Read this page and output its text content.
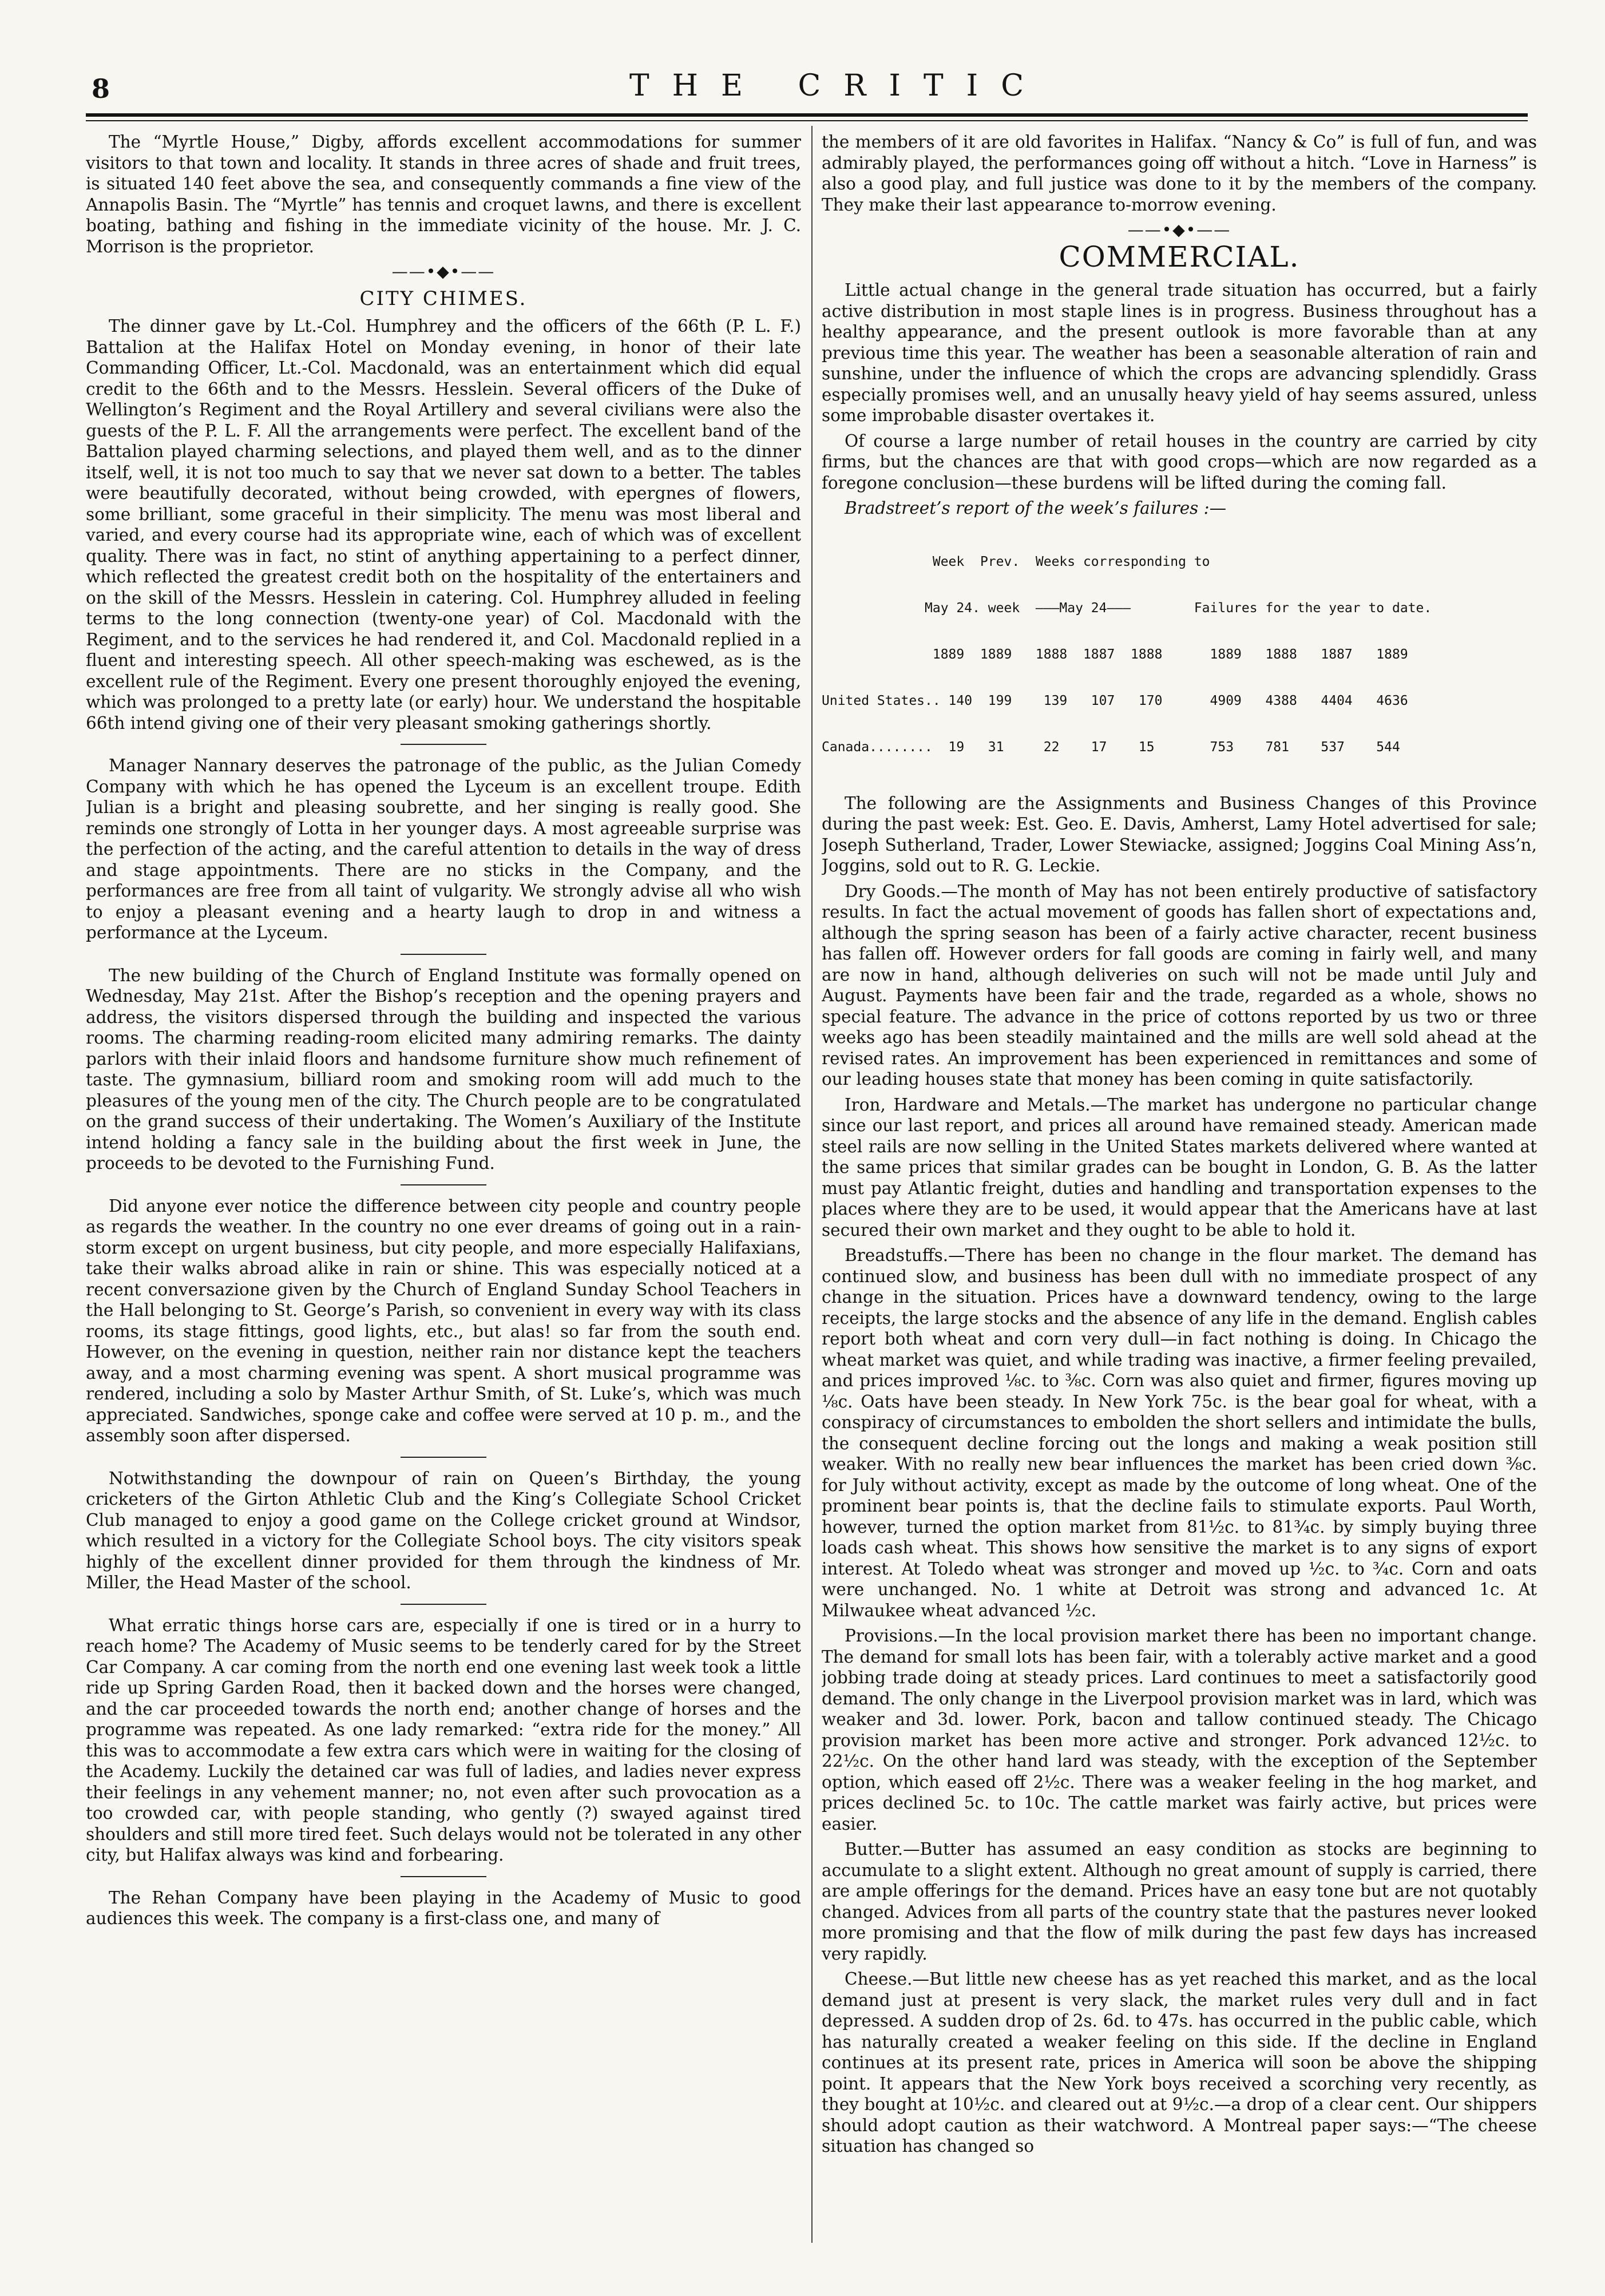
8	THE CRITIC

The “Myrtle House,” Digby, affords excellent accommodations for summer visitors to that town and locality. It stands in three acres of shade and fruit trees, is situated 140 feet above the sea, and consequently commands a fine view of the Annapolis Basin. The “Myrtle” has tennis and croquet lawns, and there is excellent boating, bathing and fishing in the immediate vicinity of the house. Mr. J. C. Morrison is the proprietor.

——•◆•——
CITY CHIMES.

The dinner gave by Lt.-Col. Humphrey and the officers of the 66th (P. L. F.) Battalion at the Halifax Hotel on Monday evening, in honor of their late Commanding Officer, Lt.-Col. Macdonald, was an entertainment which did equal credit to the 66th and to the Messrs. Hesslein. Several officers of the Duke of Wellington’s Regiment and the Royal Artillery and several civilians were also the guests of the P. L. F. All the arrangements were perfect. The excellent band of the Battalion played charming selections, and played them well, and as to the dinner itself, well, it is not too much to say that we never sat down to a better. The tables were beautifully decorated, without being crowded, with epergnes of flowers, some brilliant, some graceful in their simplicity. The menu was most liberal and varied, and every course had its appropriate wine, each of which was of excellent quality. There was in fact, no stint of anything appertaining to a perfect dinner, which reflected the greatest credit both on the hospitality of the entertainers and on the skill of the Messrs. Hesslein in catering. Col. Humphrey alluded in feeling terms to the long connection (twenty-one year) of Col. Macdonald with the Regiment, and to the services he had rendered it, and Col. Macdonald replied in a fluent and interesting speech. All other speech-making was eschewed, as is the excellent rule of the Regiment. Every one present thoroughly enjoyed the evening, which was prolonged to a pretty late (or early) hour. We understand the hospitable 66th intend giving one of their very pleasant smoking gatherings shortly.

Manager Nannary deserves the patronage of the public, as the Julian Comedy Company with which he has opened the Lyceum is an excellent troupe. Edith Julian is a bright and pleasing soubrette, and her singing is really good. She reminds one strongly of Lotta in her younger days. A most agreeable surprise was the perfection of the acting, and the careful attention to details in the way of dress and stage appointments. There are no sticks in the Company, and the performances are free from all taint of vulgarity. We strongly advise all who wish to enjoy a pleasant evening and a hearty laugh to drop in and witness a performance at the Lyceum.

The new building of the Church of England Institute was formally opened on Wednesday, May 21st. After the Bishop’s reception and the opening prayers and address, the visitors dispersed through the building and inspected the various rooms. The charming reading-room elicited many admiring remarks. The dainty parlors with their inlaid floors and handsome furniture show much refinement of taste. The gymnasium, billiard room and smoking room will add much to the pleasures of the young men of the city. The Church people are to be congratulated on the grand success of their undertaking. The Women’s Auxiliary of the Institute intend holding a fancy sale in the building about the first week in June, the proceeds to be devoted to the Furnishing Fund.

Did anyone ever notice the difference between city people and country people as regards the weather. In the country no one ever dreams of going out in a rain-storm except on urgent business, but city people, and more especially Halifaxians, take their walks abroad alike in rain or shine. This was especially noticed at a recent conversazione given by the Church of England Sunday School Teachers in the Hall belonging to St. George’s Parish, so convenient in every way with its class rooms, its stage fittings, good lights, etc., but alas! so far from the south end. However, on the evening in question, neither rain nor distance kept the teachers away, and a most charming evening was spent. A short musical programme was rendered, including a solo by Master Arthur Smith, of St. Luke’s, which was much appreciated. Sandwiches, sponge cake and coffee were served at 10 p. m., and the assembly soon after dispersed.

Notwithstanding the downpour of rain on Queen’s Birthday, the young cricketers of the Girton Athletic Club and the King’s Collegiate School Cricket Club managed to enjoy a good game on the College cricket ground at Windsor, which resulted in a victory for the Collegiate School boys. The city visitors speak highly of the excellent dinner provided for them through the kindness of Mr. Miller, the Head Master of the school.

What erratic things horse cars are, especially if one is tired or in a hurry to reach home? The Academy of Music seems to be tenderly cared for by the Street Car Company. A car coming from the north end one evening last week took a little ride up Spring Garden Road, then it backed down and the horses were changed, and the car proceeded towards the north end; another change of horses and the programme was repeated. As one lady remarked: “extra ride for the money.” All this was to accommodate a few extra cars which were in waiting for the closing of the Academy. Luckily the detained car was full of ladies, and ladies never express their feelings in any vehement manner; no, not even after such provocation as a too crowded car, with people standing, who gently (?) swayed against tired shoulders and still more tired feet. Such delays would not be tolerated in any other city, but Halifax always was kind and forbearing.

The Rehan Company have been playing in the Academy of Music to good audiences this week. The company is a first-class one, and many of

the members of it are old favorites in Halifax. “Nancy & Co” is full of fun, and was admirably played, the performances going off without a hitch. “Love in Harness” is also a good play, and full justice was done to it by the members of the company. They make their last appearance to-morrow evening.

——•◆•——
COMMERCIAL.

Little actual change in the general trade situation has occurred, but a fairly active distribution in most staple lines is in progress. Business throughout has a healthy appearance, and the present outlook is more favorable than at any previous time this year. The weather has been a seasonable alteration of rain and sunshine, under the influence of which the crops are advancing splendidly. Grass especially promises well, and an unusally heavy yield of hay seems assured, unless some improbable disaster overtakes it.

Of course a large number of retail houses in the country are carried by city firms, but the chances are that with good crops—which are now regarded as a foregone conclusion—these burdens will be lifted during the coming fall.

Bradstreet’s report of the week’s failures :—

Week  Prev.  Weeks corresponding to

May 24. week  ———May 24———        Failures for the year to date.

1889  1889   1888  1887  1888      1889   1888   1887   1889

United States.. 140  199    139   107   170      4909   4388   4404   4636

Canada........  19   31     22    17    15       753    781    537    544

The following are the Assignments and Business Changes of this Province during the past week: Est. Geo. E. Davis, Amherst, Lamy Hotel advertised for sale; Joseph Sutherland, Trader, Lower Stewiacke, assigned; Joggins Coal Mining Ass’n, Joggins, sold out to R. G. Leckie.

Dry Goods.—The month of May has not been entirely productive of satisfactory results. In fact the actual movement of goods has fallen short of expectations and, although the spring season has been of a fairly active character, recent business has fallen off. However orders for fall goods are coming in fairly well, and many are now in hand, although deliveries on such will not be made until July and August. Payments have been fair and the trade, regarded as a whole, shows no special feature. The advance in the price of cottons reported by us two or three weeks ago has been steadily maintained and the mills are well sold ahead at the revised rates. An improvement has been experienced in remittances and some of our leading houses state that money has been coming in quite satisfactorily.

Iron, Hardware and Metals.—The market has undergone no particular change since our last report, and prices all around have remained steady. American made steel rails are now selling in the United States markets delivered where wanted at the same prices that similar grades can be bought in London, G. B. As the latter must pay Atlantic freight, duties and handling and transportation expenses to the places where they are to be used, it would appear that the Americans have at last secured their own market and they ought to be able to hold it.

Breadstuffs.—There has been no change in the flour market. The demand has continued slow, and business has been dull with no immediate prospect of any change in the situation. Prices have a downward tendency, owing to the large receipts, the large stocks and the absence of any life in the demand. English cables report both wheat and corn very dull—in fact nothing is doing. In Chicago the wheat market was quiet, and while trading was inactive, a firmer feeling prevailed, and prices improved ⅛c. to ⅜c. Corn was also quiet and firmer, figures moving up ⅛c. Oats have been steady. In New York 75c. is the bear goal for wheat, with a conspiracy of circumstances to embolden the short sellers and intimidate the bulls, the consequent decline forcing out the longs and making a weak position still weaker. With no really new bear influences the market has been cried down ⅜c. for July without activity, except as made by the outcome of long wheat. One of the prominent bear points is, that the decline fails to stimulate exports. Paul Worth, however, turned the option market from 81½c. to 81¾c. by simply buying three loads cash wheat. This shows how sensitive the market is to any signs of export interest. At Toledo wheat was stronger and moved up ½c. to ¾c. Corn and oats were unchanged. No. 1 white at Detroit was strong and advanced 1c. At Milwaukee wheat advanced ½c.

Provisions.—In the local provision market there has been no important change. The demand for small lots has been fair, with a tolerably active market and a good jobbing trade doing at steady prices. Lard continues to meet a satisfactorily good demand. The only change in the Liverpool provision market was in lard, which was weaker and 3d. lower. Pork, bacon and tallow continued steady. The Chicago provision market has been more active and stronger. Pork advanced 12½c. to 22½c. On the other hand lard was steady, with the exception of the September option, which eased off 2½c. There was a weaker feeling in the hog market, and prices declined 5c. to 10c. The cattle market was fairly active, but prices were easier.

Butter.—Butter has assumed an easy condition as stocks are beginning to accumulate to a slight extent. Although no great amount of supply is carried, there are ample offerings for the demand. Prices have an easy tone but are not quotably changed. Advices from all parts of the country state that the pastures never looked more promising and that the flow of milk during the past few days has increased very rapidly.

Cheese.—But little new cheese has as yet reached this market, and as the local demand just at present is very slack, the market rules very dull and in fact depressed. A sudden drop of 2s. 6d. to 47s. has occurred in the public cable, which has naturally created a weaker feeling on this side. If the decline in England continues at its present rate, prices in America will soon be above the shipping point. It appears that the New York boys received a scorching very recently, as they bought at 10½c. and cleared out at 9½c.—a drop of a clear cent. Our shippers should adopt caution as their watchword. A Montreal paper says:—“The cheese situation has changed so
